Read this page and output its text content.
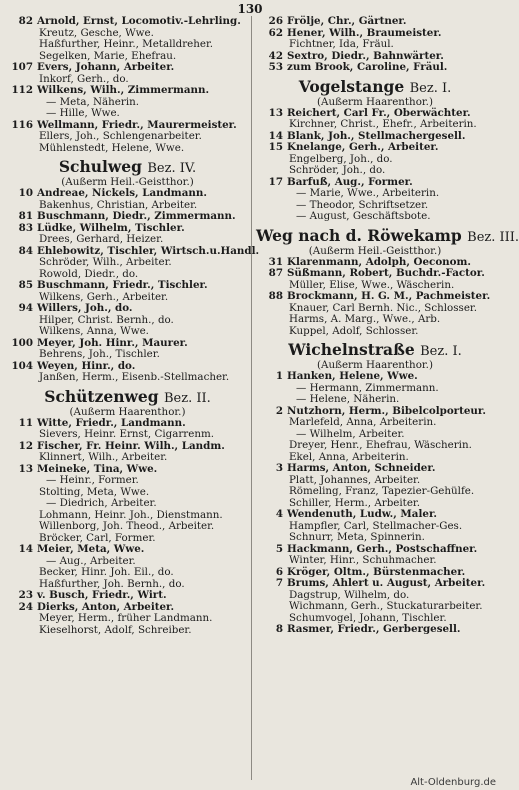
130
82 Arnold, Ernst, Locomotiv.-Lehrling.
Kreutz, Gesche, Wwe.
Haßfurther, Heinr., Metalldreher.
Segelken, Marie, Ehefrau.
107 Evers, Johann, Arbeiter.
Inkorf, Gerh., do.
112 Wilkens, Wilh., Zimmermann.
— Meta, Näherin.
— Hille, Wwe.
116 Wellmann, Friedr., Maurermeister.
Ellers, Joh., Schlengenarbeiter.
Mühlenstedt, Helene, Wwe.
Schulweg Bez. IV.
(Außerm Heil.-Geistthor.)
10 Andreae, Nickels, Landmann.
Bakenhus, Christian, Arbeiter.
81 Buschmann, Diedr., Zimmermann.
83 Lüdke, Wilhelm, Tischler.
Drees, Gerhard, Heizer.
84 Ehlebowitz, Tischler, Wirtsch.u.Handl.
Schröder, Wilh., Arbeiter.
Rowold, Diedr., do.
85 Buschmann, Friedr., Tischler.
Wilkens, Gerh., Arbeiter.
94 Willers, Joh., do.
Hilper, Christ. Bernh., do.
Wilkens, Anna, Wwe.
100 Meyer, Joh. Hinr., Maurer.
Behrens, Joh., Tischler.
104 Weyen, Hinr., do.
Janßen, Herm., Eisenb.-Stellmacher.
Schützenweg Bez. II.
(Außerm Haarenthor.)
11 Witte, Friedr., Landmann.
Sievers, Heinr. Ernst, Cigarrenm.
12 Fischer, Fr. Heinr. Wilh., Landm.
Klinnert, Wilh., Arbeiter.
13 Meineke, Tina, Wwe.
— Heinr., Former.
Stolting, Meta, Wwe.
— Diedrich, Arbeiter.
Lohmann, Heinr. Joh., Dienstmann.
Willenborg, Joh. Theod., Arbeiter.
Bröcker, Carl, Former.
14 Meier, Meta, Wwe.
— Aug., Arbeiter.
Becker, Hinr. Joh. Eil., do.
Haßfurther, Joh. Bernh., do.
23 v. Busch, Friedr., Wirt.
24 Dierks, Anton, Arbeiter.
Meyer, Herm., früher Landmann.
Kieselhorst, Adolf, Schreiber.
26 Frölje, Chr., Gärtner.
62 Hener, Wilh., Braumeister.
Fichtner, Ida, Fräul.
42 Sextro, Diedr., Bahnwärter.
53 zum Brook, Caroline, Fräul.
Vogelstange Bez. I.
(Außerm Haarenthor.)
13 Reichert, Carl Fr., Oberwächter.
Kirchner, Christ., Ehefr., Arbeiterin.
14 Blank, Joh., Stellmachergesell.
15 Knelange, Gerh., Arbeiter.
Engelberg, Joh., do.
Schröder, Joh., do.
17 Barfuß, Aug., Former.
— Marie, Wwe., Arbeiterin.
— Theodor, Schriftsetzer.
— August, Geschäftsbote.
Weg nach d. Röwekamp Bez. III.
(Außerm Heil.-Geistthor.)
31 Klarenmann, Adolph, Oeconom.
87 Süßmann, Robert, Buchdr.-Factor.
Müller, Elise, Wwe., Wäscherin.
88 Brockmann, H. G. M., Pachmeister.
Knauer, Carl Bernh. Nic., Schlosser.
Harms, A. Marg., Wwe., Arb.
Kuppel, Adolf, Schlosser.
Wichelnstraße Bez. I.
(Außerm Haarenthor.)
1 Hanken, Helene, Wwe.
— Hermann, Zimmermann.
— Helene, Näherin.
2 Nutzhorn, Herm., Bibelcolporteur.
Marlefeld, Anna, Arbeiterin.
— Wilhelm, Arbeiter.
Dreyer, Henr., Ehefrau, Wäscherin.
Ekel, Anna, Arbeiterin.
3 Harms, Anton, Schneider.
Platt, Johannes, Arbeiter.
Römeling, Franz, Tapezier-Gehülfe.
Schiller, Herm., Arbeiter.
4 Wendenuth, Ludw., Maler.
Hampfler, Carl, Stellmacher-Ges.
Schnurr, Meta, Spinnerin.
5 Hackmann, Gerh., Postschaffner.
Winter, Hinr., Schuhmacher.
6 Kröger, Oltm., Bürstenmacher.
7 Brums, Ahlert u. August, Arbeiter.
Dagstrup, Wilhelm, do.
Wichmann, Gerh., Stuckaturarbeiter.
Schumvogel, Johann, Tischler.
8 Rasmer, Friedr., Gerbergesell.
Alt-Oldenburg.de
